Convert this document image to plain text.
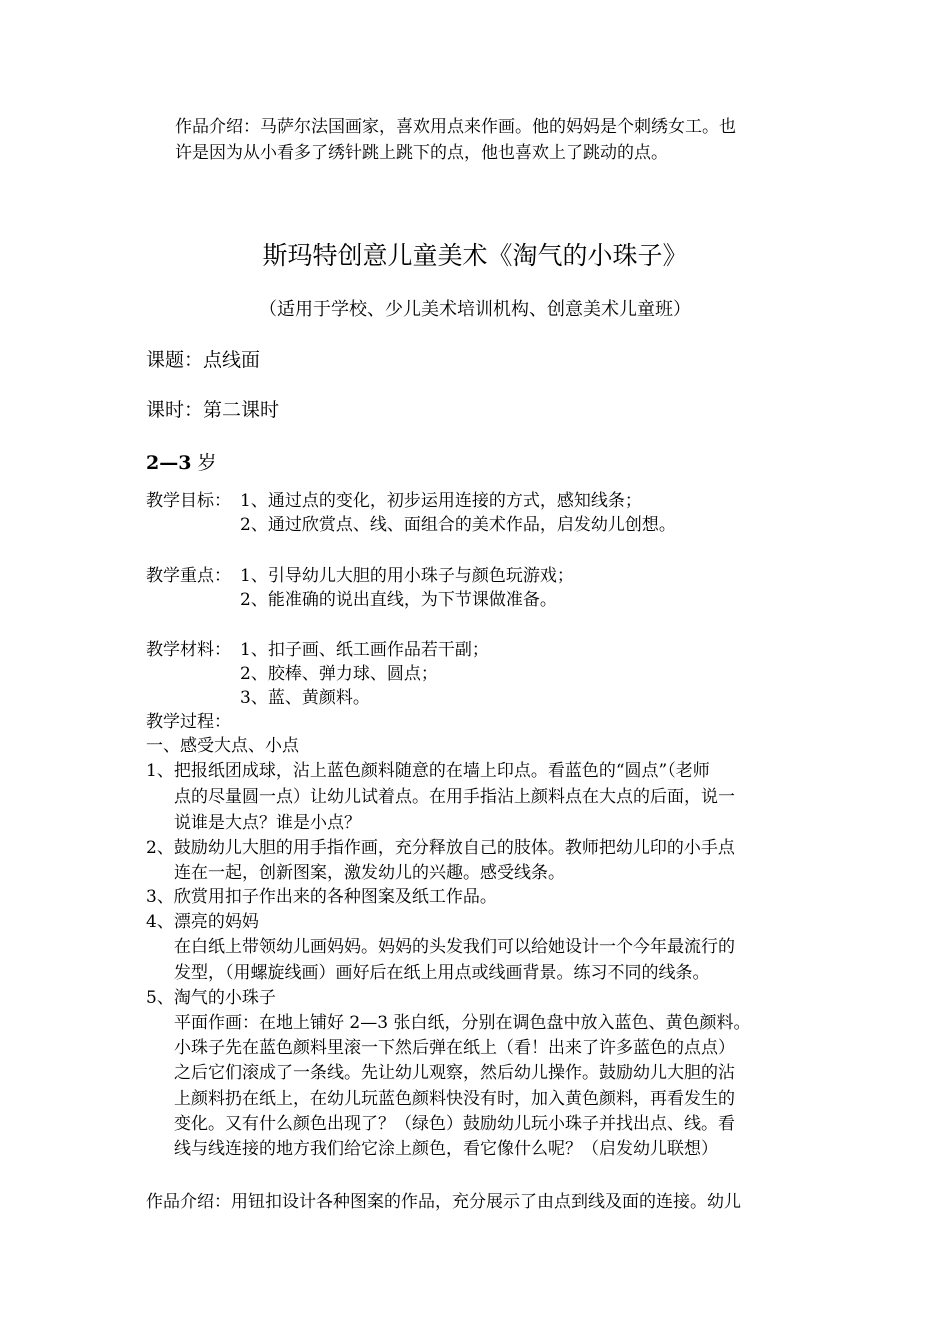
作品介绍：马萨尔法国画家，喜欢用点来作画。他的妈妈是个刺绣女工。也
许是因为从小看多了绣针跳上跳下的点，他也喜欢上了跳动的点。
斯玛特创意儿童美术《淘气的小珠子》
（适用于学校、少儿美术培训机构、创意美术儿童班）
课题：点线面
课时：第二课时
2—3 岁
教学目标： 1、通过点的变化，初步运用连接的方式，感知线条；
2、通过欣赏点、线、面组合的美术作品，启发幼儿创想。
教学重点： 1、引导幼儿大胆的用小珠子与颜色玩游戏；
2、能准确的说出直线，为下节课做准备。
教学材料： 1、扣子画、纸工画作品若干副；
2、胶棒、弹力球、圆点；
3、蓝、黄颜料。
教学过程：
一、感受大点、小点
1、把报纸团成球，沾上蓝色颜料随意的在墙上印点。看蓝色的“圆点”（老师
点的尽量圆一点）让幼儿试着点。在用手指沾上颜料点在大点的后面，说一
说谁是大点？谁是小点？
2、鼓励幼儿大胆的用手指作画，充分释放自己的肢体。教师把幼儿印的小手点
连在一起，创新图案，激发幼儿的兴趣。感受线条。
3、欣赏用扣子作出来的各种图案及纸工作品。
4、漂亮的妈妈
在白纸上带领幼儿画妈妈。妈妈的头发我们可以给她设计一个今年最流行的
发型，（用螺旋线画）画好后在纸上用点或线画背景。练习不同的线条。
5、淘气的小珠子
平面作画：在地上铺好 2—3 张白纸，分别在调色盘中放入蓝色、黄色颜料。
小珠子先在蓝色颜料里滚一下然后弹在纸上（看！出来了许多蓝色的点点）
之后它们滚成了一条线。先让幼儿观察，然后幼儿操作。鼓励幼儿大胆的沾
上颜料扔在纸上，在幼儿玩蓝色颜料快没有时，加入黄色颜料，再看发生的
变化。又有什么颜色出现了？（绿色）鼓励幼儿玩小珠子并找出点、线。看
线与线连接的地方我们给它涂上颜色，看它像什么呢？（启发幼儿联想）
作品介绍：用钮扣设计各种图案的作品，充分展示了由点到线及面的连接。幼儿
